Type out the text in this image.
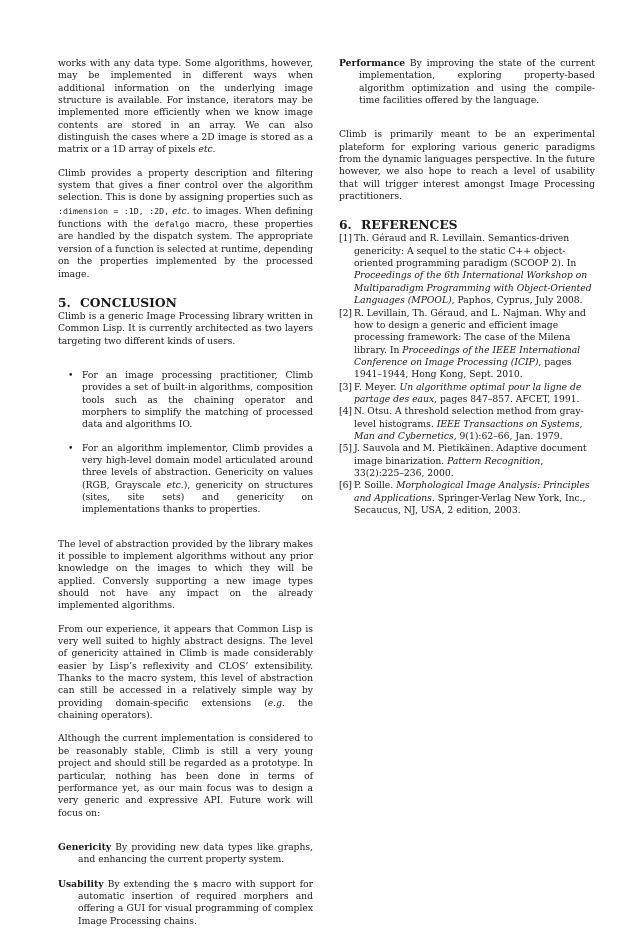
works with any data type. Some algorithms, however, may be implemented in different ways when additional information on the underlying image structure is available. For instance, iterators may be implemented more efficiently when we know image contents are stored in an array. We can also distinguish the cases where a 2D image is stored as a matrix or a 1D array of pixels etc.

Climb provides a property description and filtering system that gives a finer control over the algorithm selection. This is done by assigning properties such as :dimension = :1D, :2D, etc. to images. When defining functions with the defalgo macro, these properties are handled by the dispatch system. The appropriate version of a function is selected at runtime, depending on the properties implemented by the processed image.

5. CONCLUSION

Climb is a generic Image Processing library written in Common Lisp. It is currently architected as two layers targeting two different kinds of users.

• For an image processing practitioner, Climb provides a set of built-in algorithms, composition tools such as the chaining operator and morphers to simplify the matching of processed data and algorithms IO.
• For an algorithm implementor, Climb provides a very high-level domain model articulated around three levels of abstraction. Genericity on values (RGB, Grayscale etc.), genericity on structures (sites, site sets) and genericity on implementations thanks to properties.

The level of abstraction provided by the library makes it possible to implement algorithms without any prior knowledge on the images to which they will be applied. Conversly supporting a new image types should not have any impact on the already implemented algorithms.

From our experience, it appears that Common Lisp is very well suited to highly abstract designs. The level of genericity attained in Climb is made considerably easier by Lisp’s reflexivity and CLOS’ extensibility. Thanks to the macro system, this level of abstraction can still be accessed in a relatively simple way by providing domain-specific extensions (e.g. the chaining operators).

Although the current implementation is considered to be reasonably stable, Climb is still a very young project and should still be regarded as a prototype. In particular, nothing has been done in terms of performance yet, as our main focus was to design a very generic and expressive API. Future work will focus on:

Genericity By providing new data types like graphs, and enhancing the current property system.

Usability By extending the $ macro with support for automatic insertion of required morphers and offering a GUI for visual programming of complex Image Processing chains.

Performance By improving the state of the current implementation, exploring property-based algorithm optimization and using the compile-time facilities offered by the language.

Climb is primarily meant to be an experimental plateform for exploring various generic paradigms from the dynamic languages perspective. In the future however, we also hope to reach a level of usability that will trigger interest amongst Image Processing practitioners.

6. REFERENCES
[1] Th. Géraud and R. Levillain. Semantics-driven genericity: A sequel to the static C++ object-oriented programming paradigm (SCOOP 2). In Proceedings of the 6th International Workshop on Multiparadigm Programming with Object-Oriented Languages (MPOOL), Paphos, Cyprus, July 2008.
[2] R. Levillain, Th. Géraud, and L. Najman. Why and how to design a generic and efficient image processing framework: The case of the Milena library. In Proceedings of the IEEE International Conference on Image Processing (ICIP), pages 1941–1944, Hong Kong, Sept. 2010.
[3] F. Meyer. Un algorithme optimal pour la ligne de partage des eaux, pages 847–857. AFCET, 1991.
[4] N. Otsu. A threshold selection method from gray-level histograms. IEEE Transactions on Systems, Man and Cybernetics, 9(1):62–66, Jan. 1979.
[5] J. Sauvola and M. Pietikäinen. Adaptive document image binarization. Pattern Recognition, 33(2):225–236, 2000.
[6] P. Soille. Morphological Image Analysis: Principles and Applications. Springer-Verlag New York, Inc., Secaucus, NJ, USA, 2 edition, 2003.
